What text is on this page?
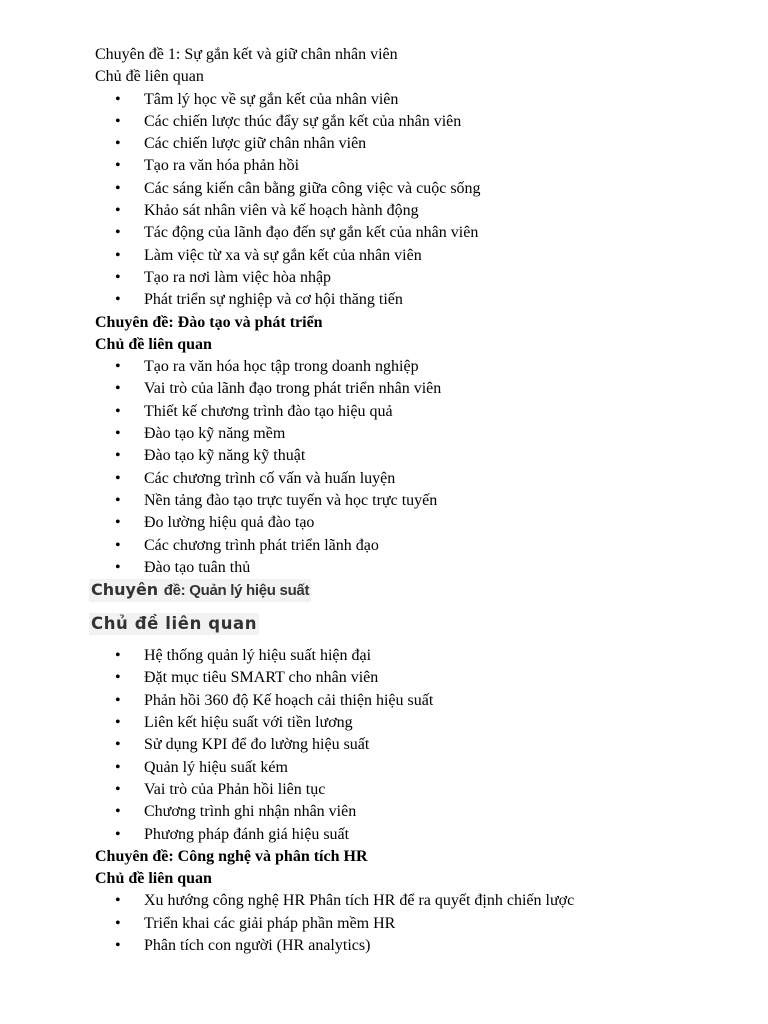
Chuyên đề 1: Sự gắn kết và giữ chân nhân viên
Chủ đề liên quan
• Tâm lý học về sự gắn kết của nhân viên
• Các chiến lược thúc đẩy sự gắn kết của nhân viên
• Các chiến lược giữ chân nhân viên
• Tạo ra văn hóa phản hồi
• Các sáng kiến cân bằng giữa công việc và cuộc sống
• Khảo sát nhân viên và kế hoạch hành động
• Tác động của lãnh đạo đến sự gắn kết của nhân viên
• Làm việc từ xa và sự gắn kết của nhân viên
• Tạo ra nơi làm việc hòa nhập
• Phát triển sự nghiệp và cơ hội thăng tiến
Chuyên đề: Đào tạo và phát triển
Chủ đề liên quan
• Tạo ra văn hóa học tập trong doanh nghiệp
• Vai trò của lãnh đạo trong phát triển nhân viên
• Thiết kế chương trình đào tạo hiệu quả
• Đào tạo kỹ năng mềm
• Đào tạo kỹ năng kỹ thuật
• Các chương trình cố vấn và huấn luyện
• Nền tảng đào tạo trực tuyến và học trực tuyến
• Đo lường hiệu quả đào tạo
• Các chương trình phát triển lãnh đạo
• Đào tạo tuân thủ
Chuyên đề: Quản lý hiệu suất
Chủ đề liên quan
• Hệ thống quản lý hiệu suất hiện đại
• Đặt mục tiêu SMART cho nhân viên
• Phản hồi 360 độ Kế hoạch cải thiện hiệu suất
• Liên kết hiệu suất với tiền lương
• Sử dụng KPI để đo lường hiệu suất
• Quản lý hiệu suất kém
• Vai trò của Phản hồi liên tục
• Chương trình ghi nhận nhân viên
• Phương pháp đánh giá hiệu suất
Chuyên đề: Công nghệ và phân tích HR
Chủ đề liên quan
• Xu hướng công nghệ HR Phân tích HR để ra quyết định chiến lược
• Triển khai các giải pháp phần mềm HR
• Phân tích con người (HR analytics)
